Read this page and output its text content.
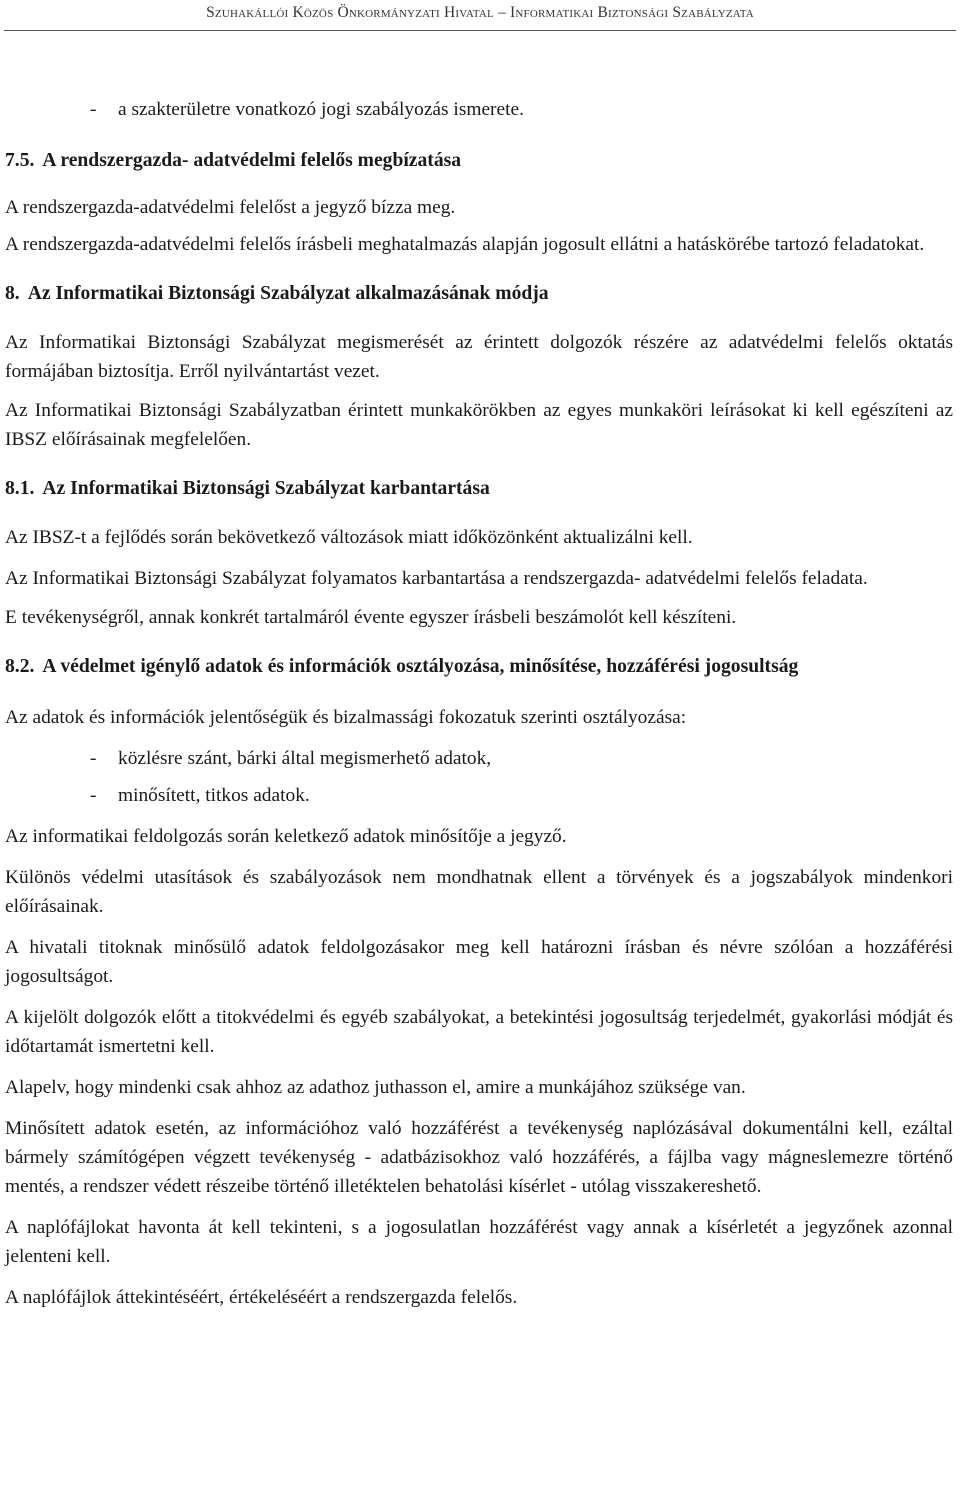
Szuhakállói Közös Önkormányzati Hivatal – Informatikai Biztonsági Szabályzata
-	a szakterületre vonatkozó jogi szabályozás ismerete.
7.5. A rendszergazda- adatvédelmi felelős megbízatása

A rendszergazda-adatvédelmi felelőst a jegyző bízza meg.

A rendszergazda-adatvédelmi felelős írásbeli meghatalmazás alapján jogosult ellátni a hatáskörébe tartozó feladatokat.

8. Az Informatikai Biztonsági Szabályzat alkalmazásának módja

Az Informatikai Biztonsági Szabályzat megismerését az érintett dolgozók részére az adatvédelmi felelős oktatás formájában biztosítja. Erről nyilvántartást vezet.

Az Informatikai Biztonsági Szabályzatban érintett munkakörökben az egyes munkaköri leírásokat ki kell egészíteni az IBSZ előírásainak megfelelően.

8.1. Az Informatikai Biztonsági Szabályzat karbantartása

Az IBSZ-t a fejlődés során bekövetkező változások miatt időközönként aktualizálni kell.

Az Informatikai Biztonsági Szabályzat folyamatos karbantartása a rendszergazda- adatvédelmi felelős feladata.

E tevékenységről, annak konkrét tartalmáról évente egyszer írásbeli beszámolót kell készíteni.

8.2. A védelmet igénylő adatok és információk osztályozása, minősítése, hozzáférési jogosultság

Az adatok és információk jelentőségük és bizalmassági fokozatuk szerinti osztályozása:

-	közlésre szánt, bárki által megismerhető adatok,
-	minősített, titkos adatok.

Az informatikai feldolgozás során keletkező adatok minősítője a jegyző.

Különös védelmi utasítások és szabályozások nem mondhatnak ellent a törvények és a jogszabályok mindenkori előírásainak.

A hivatali titoknak minősülő adatok feldolgozásakor meg kell határozni írásban és névre szólóan a hozzáférési jogosultságot.

A kijelölt dolgozók előtt a titokvédelmi és egyéb szabályokat, a betekintési jogosultság terjedelmét, gyakorlási módját és időtartamát ismertetni kell.

Alapelv, hogy mindenki csak ahhoz az adathoz juthasson el, amire a munkájához szüksége van.

Minősített adatok esetén, az információhoz való hozzáférést a tevékenység naplózásával dokumentálni kell, ezáltal bármely számítógépen végzett tevékenység - adatbázisokhoz való hozzáférés, a fájlba vagy mágneslemezre történő mentés, a rendszer védett részeibe történő illetéktelen behatolási kísérlet - utólag visszakereshető.

A naplófájlokat havonta át kell tekinteni, s a jogosulatlan hozzáférést vagy annak a kísérletét a jegyzőnek azonnal jelenteni kell.

A naplófájlok áttekintéséért, értékeléséért a rendszergazda felelős.
